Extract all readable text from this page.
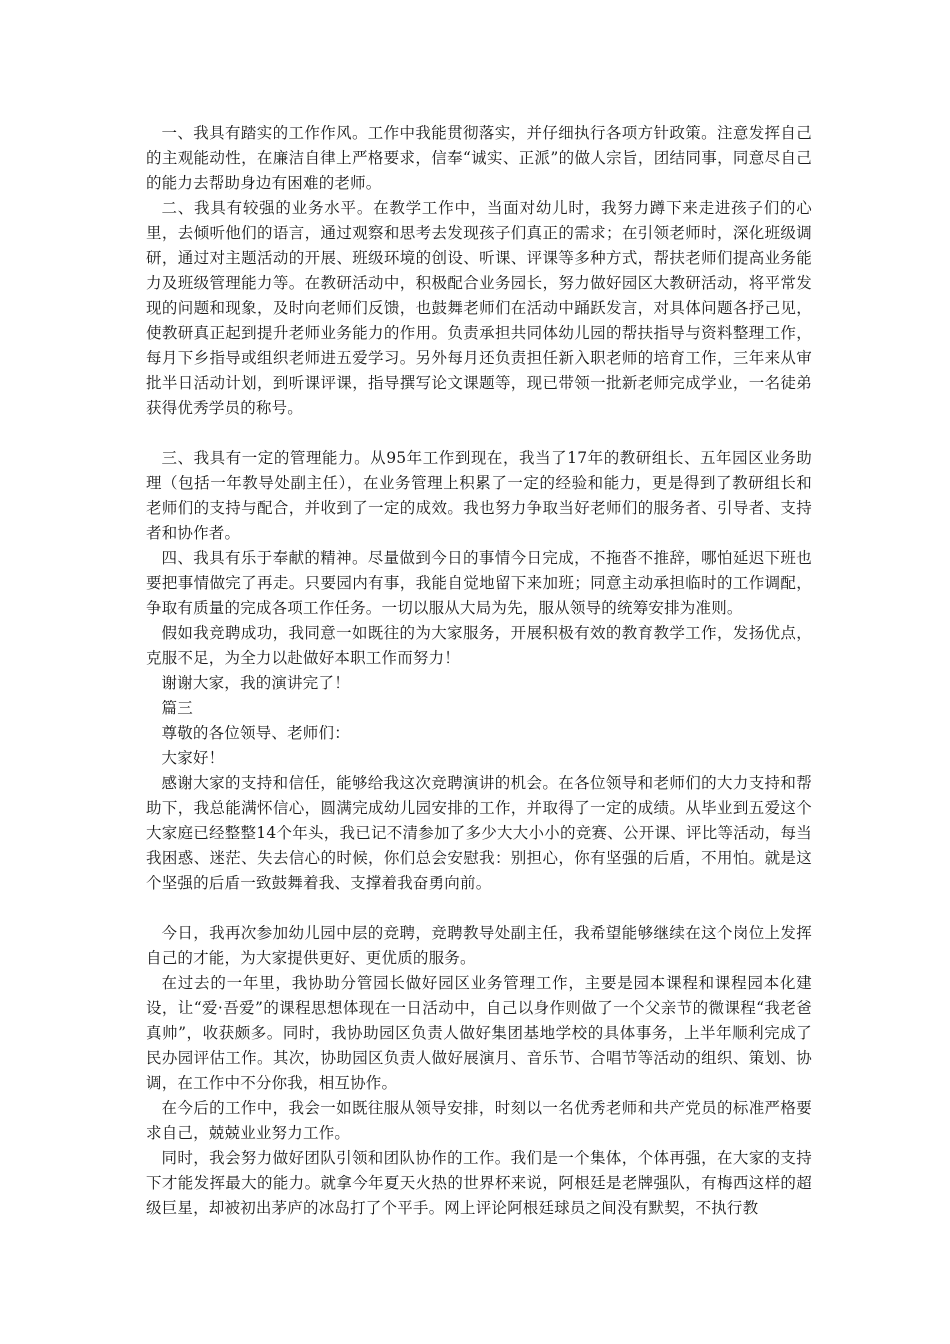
一、我具有踏实的工作作风。工作中我能贯彻落实，并仔细执行各项方针政策。注意发挥自己的主观能动性，在廉洁自律上严格要求，信奉“诚实、正派”的做人宗旨，团结同事，同意尽自己的能力去帮助身边有困难的老师。

二、我具有较强的业务水平。在教学工作中，当面对幼儿时，我努力蹲下来走进孩子们的心里，去倾听他们的语言，通过观察和思考去发现孩子们真正的需求；在引领老师时，深化班级调研，通过对主题活动的开展、班级环境的创设、听课、评课等多种方式，帮扶老师们提高业务能力及班级管理能力等。在教研活动中，积极配合业务园长，努力做好园区大教研活动，将平常发现的问题和现象，及时向老师们反馈，也鼓舞老师们在活动中踊跃发言，对具体问题各抒己见，使教研真正起到提升老师业务能力的作用。负责承担共同体幼儿园的帮扶指导与资料整理工作，每月下乡指导或组织老师进五爱学习。另外每月还负责担任新入职老师的培育工作，三年来从审批半日活动计划，到听课评课，指导撰写论文课题等，现已带领一批新老师完成学业，一名徒弟获得优秀学员的称号。

三、我具有一定的管理能力。从95年工作到现在，我当了17年的教研组长、五年园区业务助理（包括一年教导处副主任），在业务管理上积累了一定的经验和能力，更是得到了教研组长和老师们的支持与配合，并收到了一定的成效。我也努力争取当好老师们的服务者、引导者、支持者和协作者。

四、我具有乐于奉献的精神。尽量做到今日的事情今日完成，不拖沓不推辞，哪怕延迟下班也要把事情做完了再走。只要园内有事，我能自觉地留下来加班；同意主动承担临时的工作调配，争取有质量的完成各项工作任务。一切以服从大局为先，服从领导的统筹安排为准则。

假如我竞聘成功，我同意一如既往的为大家服务，开展积极有效的教育教学工作，发扬优点，克服不足，为全力以赴做好本职工作而努力！

谢谢大家，我的演讲完了！

篇三

尊敬的各位领导、老师们：

大家好！

感谢大家的支持和信任，能够给我这次竞聘演讲的机会。在各位领导和老师们的大力支持和帮助下，我总能满怀信心，圆满完成幼儿园安排的工作，并取得了一定的成绩。从毕业到五爱这个大家庭已经整整14个年头，我已记不清参加了多少大大小小的竞赛、公开课、评比等活动，每当我困惑、迷茫、失去信心的时候，你们总会安慰我：别担心，你有坚强的后盾，不用怕。就是这个坚强的后盾一致鼓舞着我、支撑着我奋勇向前。

今日，我再次参加幼儿园中层的竞聘，竞聘教导处副主任，我希望能够继续在这个岗位上发挥自己的才能，为大家提供更好、更优质的服务。

在过去的一年里，我协助分管园长做好园区业务管理工作，主要是园本课程和课程园本化建设，让“爱·吾爱”的课程思想体现在一日活动中，自己以身作则做了一个父亲节的微课程“我老爸真帅”，收获颇多。同时，我协助园区负责人做好集团基地学校的具体事务，上半年顺利完成了民办园评估工作。其次，协助园区负责人做好展演月、音乐节、合唱节等活动的组织、策划、协调，在工作中不分你我，相互协作。

在今后的工作中，我会一如既往服从领导安排，时刻以一名优秀老师和共产党员的标准严格要求自己，兢兢业业努力工作。

同时，我会努力做好团队引领和团队协作的工作。我们是一个集体，个体再强，在大家的支持下才能发挥最大的能力。就拿今年夏天火热的世界杯来说，阿根廷是老牌强队，有梅西这样的超级巨星，却被初出茅庐的冰岛打了个平手。网上评论阿根廷球员之间没有默契，不执行教
